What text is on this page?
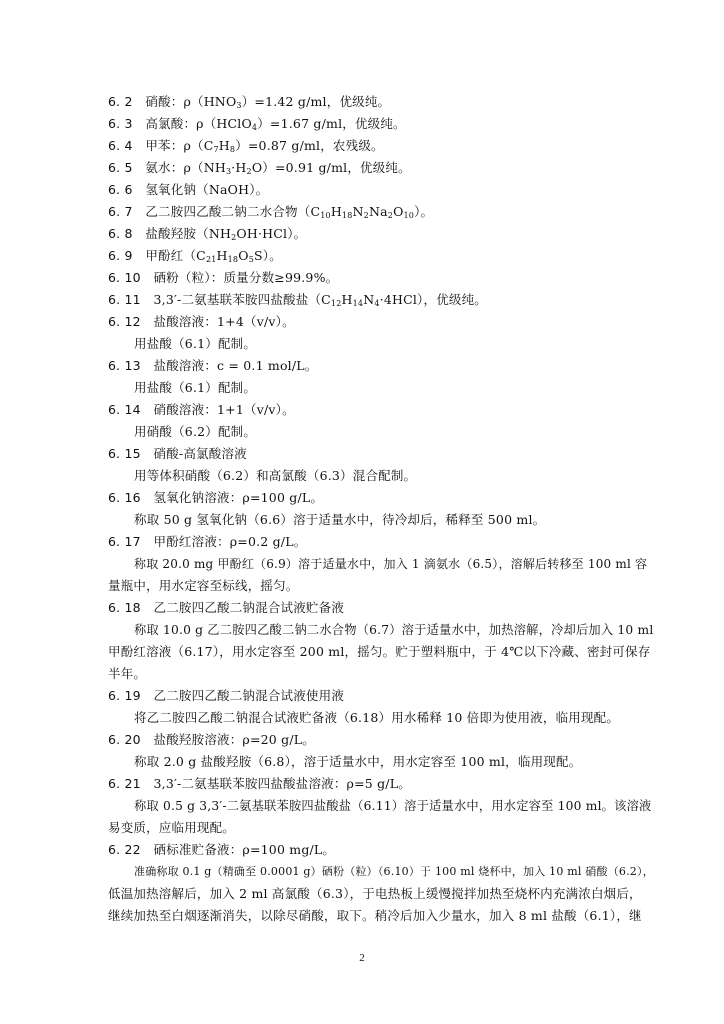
6. 2　 硝酸：$\rho(HNO_3)=1.42$ g/ml，优级纯。
6. 3　 高氯酸：ρ（HClO$_4$）=1.67 g/ml，优级纯。
6. 4　 甲苯：$\rho(C_7H_8)=0.87$ g/ml，农残级。
6. 5　 氨水：$\rho(NH_3\cdot H_2O)=0.91$ g/ml，优级纯。
6. 6　 氢氧化钠（NaOH）。
6. 7　 乙二胺四乙酸二钠二水合物$(C_{10}H_{18}N_2Na_2O_{10})$。
6. 8　 盐酸羟胺$(NH_2OH\cdot HCl)$。
6. 9　 甲酚红$(C_{21}H_{18}O_5S)$。
6. 10　 硒粉（粒）：质量分数≥99.9%。
6. 11　 3,3′-二氨基联苯胺四盐酸盐$(C_{12}H_{14}N_4\cdot 4HCl)$，优级纯。
6. 12　 盐酸溶液：1+4（v/v）。
用盐酸（6.1）配制。
6. 13　 盐酸溶液：c = 0.1 mol/L。
用盐酸（6.1）配制。
6. 14　 硝酸溶液：1+1（v/v）。
用硝酸（6.2）配制。
6. 15　 硝酸-高氯酸溶液
用等体积硝酸（6.2）和高氯酸（6.3）混合配制。
6. 16　 氢氧化钠溶液：ρ=100 g/L。
称取 50 g 氢氧化钠（6.6）溶于适量水中，待冷却后，稀释至 500 ml。
6. 17　 甲酚红溶液：ρ=0.2 g/L。
称取 20.0 mg 甲酚红（6.9）溶于适量水中，加入 1 滴氨水（6.5），溶解后转移至 100 ml 容
量瓶中，用水定容至标线，摇匀。
6. 18　 乙二胺四乙酸二钠混合试液贮备液
称取 10.0 g 乙二胺四乙酸二钠二水合物（6.7）溶于适量水中，加热溶解，冷却后加入 10 ml
甲酚红溶液（6.17），用水定容至 200 ml，摇匀。贮于塑料瓶中，于 4℃以下冷藏、密封可保存
半年。
6. 19　 乙二胺四乙酸二钠混合试液使用液
将乙二胺四乙酸二钠混合试液贮备液（6.18）用水稀释 10 倍即为使用液，临用现配。
6. 20　 盐酸羟胺溶液：ρ=20 g/L。
称取 2.0 g 盐酸羟胺（6.8），溶于适量水中，用水定容至 100 ml，临用现配。
6. 21　 3,3′-二氨基联苯胺四盐酸盐溶液：ρ=5 g/L。
称取 0.5 g 3,3′-二氨基联苯胺四盐酸盐（6.11）溶于适量水中，用水定容至 100 ml。该溶液
易变质，应临用现配。
6. 22　 硒标准贮备液：ρ=100 mg/L。
准确称取 0.1 g（精确至 0.0001 g）硒粉（粒）（6.10）于 100 ml 烧杯中，加入 10 ml 硝酸（6.2），
低温加热溶解后，加入 2 ml 高氯酸（6.3），于电热板上缓慢搅拌加热至烧杯内充满浓白烟后，
继续加热至白烟逐渐消失，以除尽硝酸，取下。稍冷后加入少量水，加入 8 ml 盐酸（6.1），继
2
